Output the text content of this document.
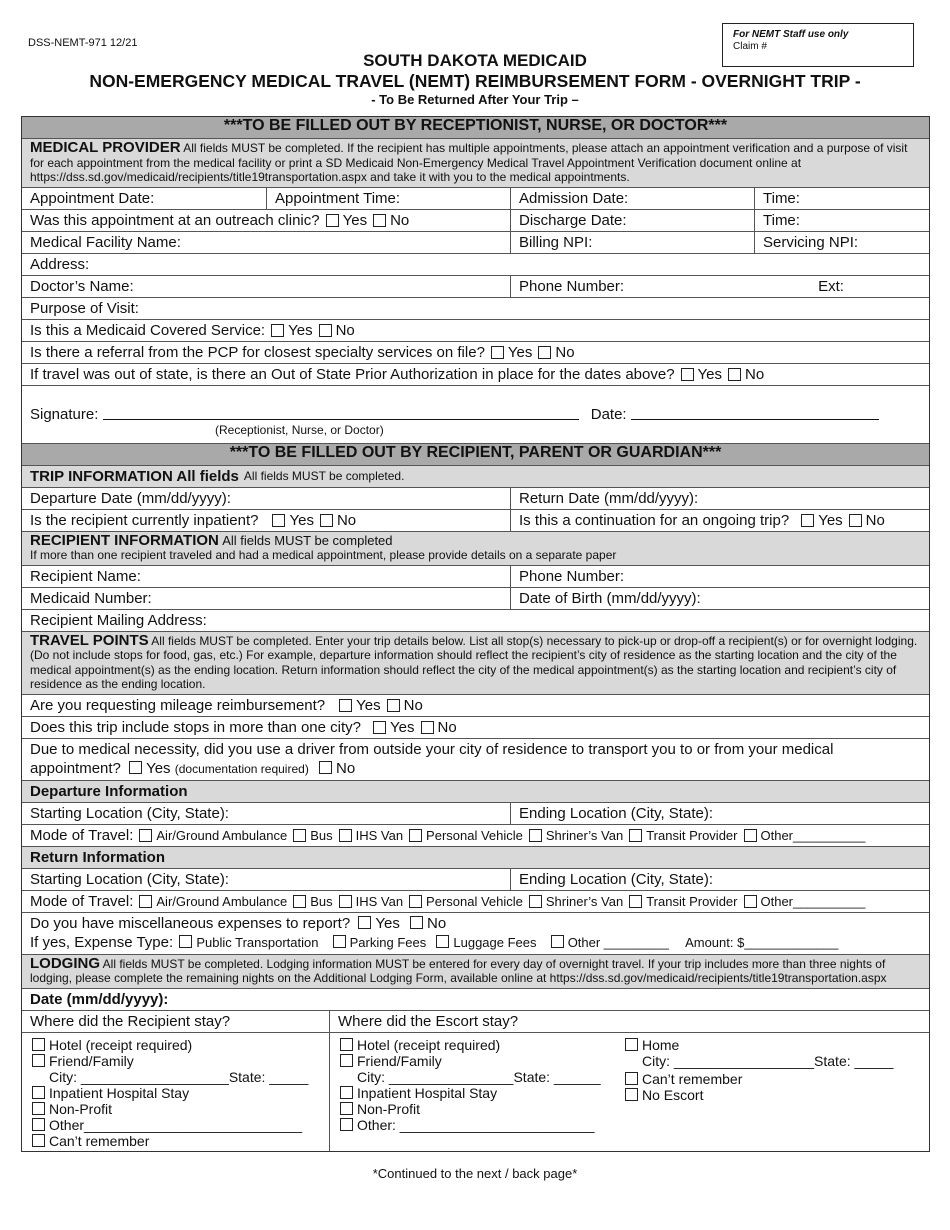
DSS-NEMT-971 12/21
For NEMT Staff use only
Claim #
SOUTH DAKOTA MEDICAID
NON-EMERGENCY MEDICAL TRAVEL (NEMT) REIMBURSEMENT FORM - OVERNIGHT TRIP -
- To Be Returned After Your Trip –
***TO BE FILLED OUT BY RECEPTIONIST, NURSE, OR DOCTOR***
MEDICAL PROVIDER All fields MUST be completed. If the recipient has multiple appointments, please attach an appointment verification and a purpose of visit for each appointment from the medical facility or print a SD Medicaid Non-Emergency Medical Travel Appointment Verification document online at https://dss.sd.gov/medicaid/recipients/title19transportation.aspx and take it with you to the medical appointments.
Appointment Date:	Appointment Time:	Admission Date:	Time:
Was this appointment at an outreach clinic? Yes No	Discharge Date:	Time:
Medical Facility Name:	Billing NPI:	Servicing NPI:
Address:
Doctor’s Name:	Phone Number:	Ext:
Purpose of Visit:
Is this a Medicaid Covered Service: Yes No
Is there a referral from the PCP for closest specialty services on file? Yes No
If travel was out of state, is there an Out of State Prior Authorization in place for the dates above? Yes No
Signature:	Date:
(Receptionist, Nurse, or Doctor)
***TO BE FILLED OUT BY RECIPIENT, PARENT OR GUARDIAN***
TRIP INFORMATION All fields All fields MUST be completed.
Departure Date (mm/dd/yyyy):	Return Date (mm/dd/yyyy):
Is the recipient currently inpatient? Yes No	Is this a continuation for an ongoing trip? Yes No
RECIPIENT INFORMATION All fields MUST be completed
If more than one recipient traveled and had a medical appointment, please provide details on a separate paper
Recipient Name:	Phone Number:
Medicaid Number:	Date of Birth (mm/dd/yyyy):
Recipient Mailing Address:
TRAVEL POINTS All fields MUST be completed. Enter your trip details below. List all stop(s) necessary to pick-up or drop-off a recipient(s) or for overnight lodging. (Do not include stops for food, gas, etc.) For example, departure information should reflect the recipient’s city of residence as the starting location and the city of the medical appointment(s) as the ending location. Return information should reflect the city of the medical appointment(s) as the starting location and recipient’s city of residence as the ending location.
Are you requesting mileage reimbursement? Yes No
Does this trip include stops in more than one city? Yes No
Due to medical necessity, did you use a driver from outside your city of residence to transport you to or from your medical appointment? Yes (documentation required) No
Departure Information
Starting Location (City, State):	Ending Location (City, State):
Mode of Travel: Air/Ground Ambulance Bus IHS Van Personal Vehicle Shriner’s Van Transit Provider Other__________
Return Information
Starting Location (City, State):	Ending Location (City, State):
Mode of Travel: Air/Ground Ambulance Bus IHS Van Personal Vehicle Shriner’s Van Transit Provider Other__________
Do you have miscellaneous expenses to report? Yes No
If yes, Expense Type: Public Transportation Parking Fees Luggage Fees Other _________ Amount: $_____________
LODGING All fields MUST be completed. Lodging information MUST be entered for every day of overnight travel. If your trip includes more than three nights of lodging, please complete the remaining nights on the Additional Lodging Form, available online at https://dss.sd.gov/medicaid/recipients/title19transportation.aspx
Date (mm/dd/yyyy):
Where did the Recipient stay?	Where did the Escort stay?
Hotel (receipt required)
Friend/Family
City: ___________________State: _____
Inpatient Hospital Stay
Non-Profit
Other____________________________
Can’t remember
Hotel (receipt required)
Friend/Family
City: ________________State: ______
Inpatient Hospital Stay
Non-Profit
Other: _________________________
Home
City: __________________State: _____
Can’t remember
No Escort
*Continued to the next / back page*
